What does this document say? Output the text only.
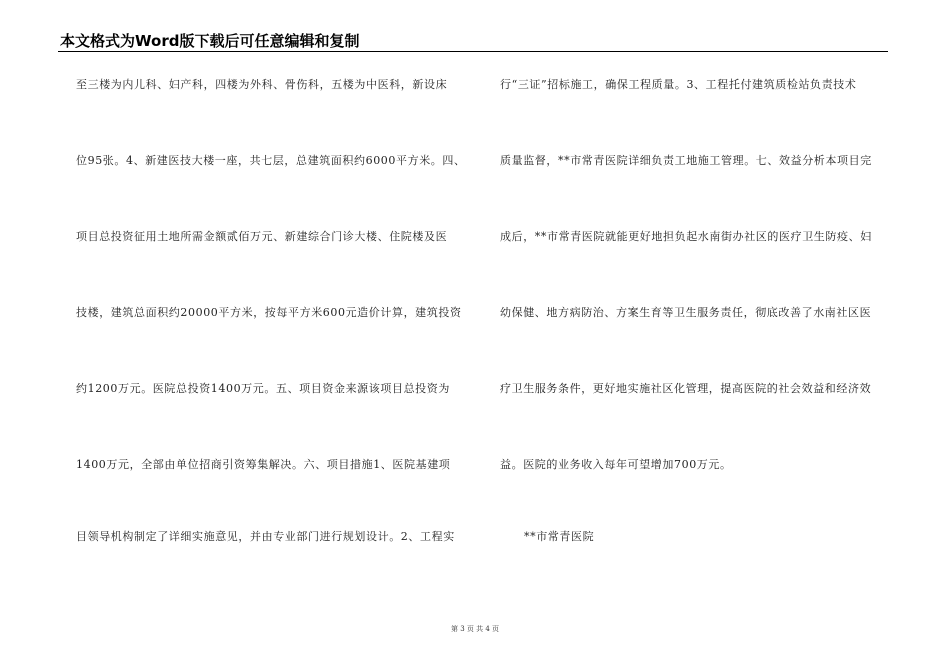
本文格式为Word版下载后可任意编辑和复制
至三楼为内儿科、妇产科，四楼为外科、骨伤科，五楼为中医科，新设床
位95张。4、新建医技大楼一座，共七层，总建筑面积约6000平方米。四、
项目总投资征用土地所需金额贰佰万元、新建综合门诊大楼、住院楼及医
技楼，建筑总面积约20000平方米，按每平方米600元造价计算，建筑投资
约1200万元。医院总投资1400万元。五、项目资金来源该项目总投资为
1400万元，全部由单位招商引资筹集解决。六、项目措施1、医院基建项
目领导机构制定了详细实施意见，并由专业部门进行规划设计。2、工程实
行“三证”招标施工，确保工程质量。3、工程托付建筑质检站负责技术
质量监督，**市常青医院详细负责工地施工管理。七、效益分析本项目完
成后，**市常青医院就能更好地担负起水南街办社区的医疗卫生防疫、妇
幼保健、地方病防治、方案生育等卫生服务责任，彻底改善了水南社区医
疗卫生服务条件，更好地实施社区化管理，提高医院的社会效益和经济效
益。医院的业务收入每年可望增加700万元。
**市常青医院
第 3 页 共 4 页
